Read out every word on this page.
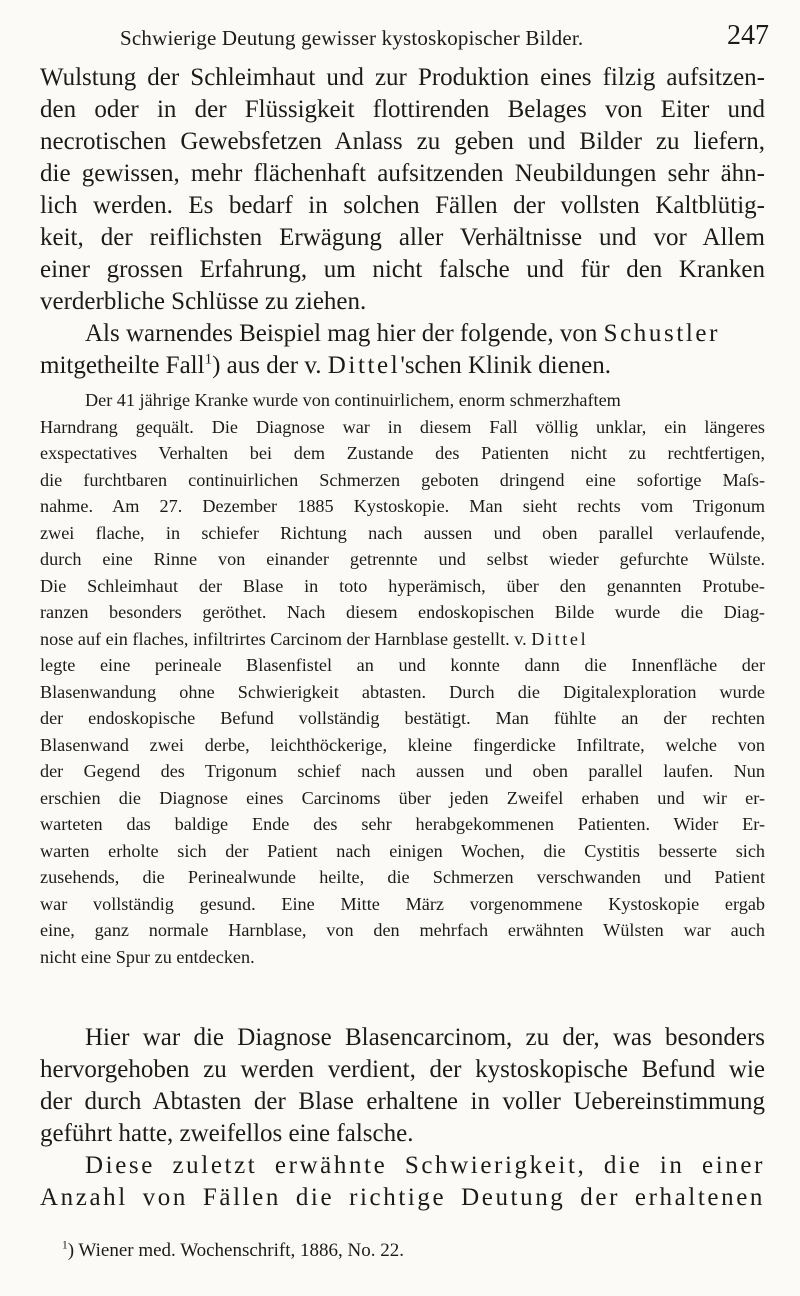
Schwierige Deutung gewisser kystoskopischer Bilder.	247
Wulstung der Schleimhaut und zur Produktion eines filzig aufsitzen-
den oder in der Flüssigkeit flottirenden Belages von Eiter und
necrotischen Gewebsfetzen Anlass zu geben und Bilder zu liefern,
die gewissen, mehr flächenhaft aufsitzenden Neubildungen sehr ähn-
lich werden. Es bedarf in solchen Fällen der vollsten Kaltblütig-
keit, der reiflichsten Erwägung aller Verhältnisse und vor Allem
einer grossen Erfahrung, um nicht falsche und für den Kranken
verderbliche Schlüsse zu ziehen.
Als warnendes Beispiel mag hier der folgende, von Schustler
mitgetheilte Fall$^1$) aus der v. Dittel'schen Klinik dienen.
Der 41 jährige Kranke wurde von continuirlichem, enorm schmerzhaftem
Harndrang gequält. Die Diagnose war in diesem Fall völlig unklar, ein längeres
exspectatives Verhalten bei dem Zustande des Patienten nicht zu rechtfertigen,
die furchtbaren continuirlichen Schmerzen geboten dringend eine sofortige Maſs-
nahme. Am 27. Dezember 1885 Kystoskopie. Man sieht rechts vom Trigonum
zwei flache, in schiefer Richtung nach aussen und oben parallel verlaufende,
durch eine Rinne von einander getrennte und selbst wieder gefurchte Wülste.
Die Schleimhaut der Blase in toto hyperämisch, über den genannten Protube-
ranzen besonders geröthet. Nach diesem endoskopischen Bilde wurde die Diag-
nose auf ein flaches, infiltrirtes Carcinom der Harnblase gestellt. v. Dittel
legte eine perineale Blasenfistel an und konnte dann die Innenfläche der
Blasenwandung ohne Schwierigkeit abtasten. Durch die Digitalexploration wurde
der endoskopische Befund vollständig bestätigt. Man fühlte an der rechten
Blasenwand zwei derbe, leichthöckerige, kleine fingerdicke Infiltrate, welche von
der Gegend des Trigonum schief nach aussen und oben parallel laufen. Nun
erschien die Diagnose eines Carcinoms über jeden Zweifel erhaben und wir er-
warteten das baldige Ende des sehr herabgekommenen Patienten. Wider Er-
warten erholte sich der Patient nach einigen Wochen, die Cystitis besserte sich
zusehends, die Perinealwunde heilte, die Schmerzen verschwanden und Patient
war vollständig gesund. Eine Mitte März vorgenommene Kystoskopie ergab
eine, ganz normale Harnblase, von den mehrfach erwähnten Wülsten war auch
nicht eine Spur zu entdecken.
Hier war die Diagnose Blasencarcinom, zu der, was besonders
hervorgehoben zu werden verdient, der kystoskopische Befund wie
der durch Abtasten der Blase erhaltene in voller Uebereinstimmung
geführt hatte, zweifellos eine falsche.
Diese zuletzt erwähnte Schwierigkeit, die in einer
Anzahl von Fällen die richtige Deutung der erhaltenen
$^1$) Wiener med. Wochenschrift, 1886, No. 22.
